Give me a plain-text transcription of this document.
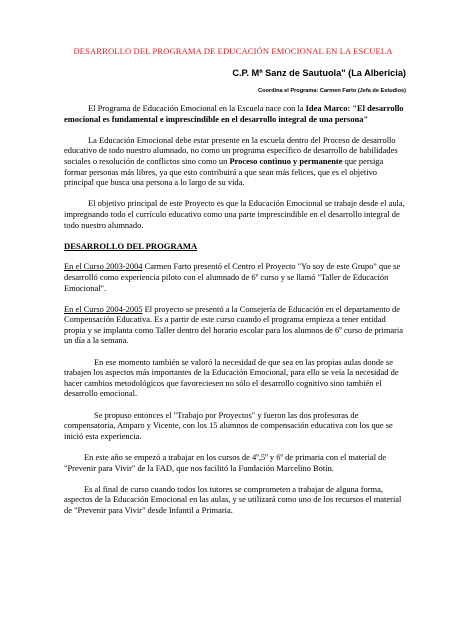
DESARROLLO DEL PROGRAMA DE EDUCACIÓN EMOCIONAL EN LA ESCUELA
C.P. Mª Sanz de Sautuola" (La Albericia)
Coordina el Programa: Carmen Farto (Jefa de Estudios)

El Programa de Educación Emocional en la Escuela nace con la Idea Marco: "El desarrollo emocional es fundamental e imprescindible en el desarrollo integral de una persona"

La Educación Emocional debe estar presente en la escuela dentro del Proceso de desarrollo educativo de todo nuestro alumnado, no como un programa específico de desarrollo de habilidades sociales o resolución de conflictos sino como un Proceso continuo y permanente que persiga formar personas más libres, ya que esto contribuirá a que sean más felices, que es el objetivo principal que busca una persona a lo largo de su vida.

El objetivo principal de este Proyecto es que la Educación Emocional se trabaje desde el aula, impregnando todo el currículo educativo como una parte imprescindible en el desarrollo integral de todo nuestro alumnado.

DESARROLLO DEL PROGRAMA

En el Curso 2003-2004 Carmen Farto presentó el Centro el Proyecto "Yo soy de este Grupo" que se desarrolló como experiencia piloto con el alumnado de 6º curso y se llamó "Taller de Educación Emocional".

En el Curso 2004-2005 El proyecto se presentó a la Consejería de Educación en el departamento de Compensación Educativa. Es a partir de este curso cuando el programa empieza a tener entidad propia y se implanta como Taller dentro del horario escolar para los alumnos de 6º curso de primaria un día a la semana.

En ese momento también se valoró la necesidad de que sea en las propias aulas donde se trabajen los aspectos más importantes de la Educación Emocional, para ello se veía la necesidad de hacer cambios metodológicos que favoreciesen no sólo el desarrollo cognitivo sino también el desarrollo emocional.

Se propuso entonces el "Trabajo por Proyectos" y fueron las dos profesoras de compensatoria, Amparo y Vicente, con los 15 alumnos de compensación educativa con los que se inició esta experiencia.

En este año se empezó a trabajar en los cursos de 4º,5º y 6º de primaria con el material de "Prevenir para Vivir" de la FAD, que nos facilitó la Fundación Marcelino Botín.

Es al final de curso cuando todos los tutores se comprometen a trabajar de alguna forma, aspectos de la Educación Emocional en las aulas, y se utilizará como uno de los recursos el material de "Prevenir para Vivir" desde Infantil a Primaria.
